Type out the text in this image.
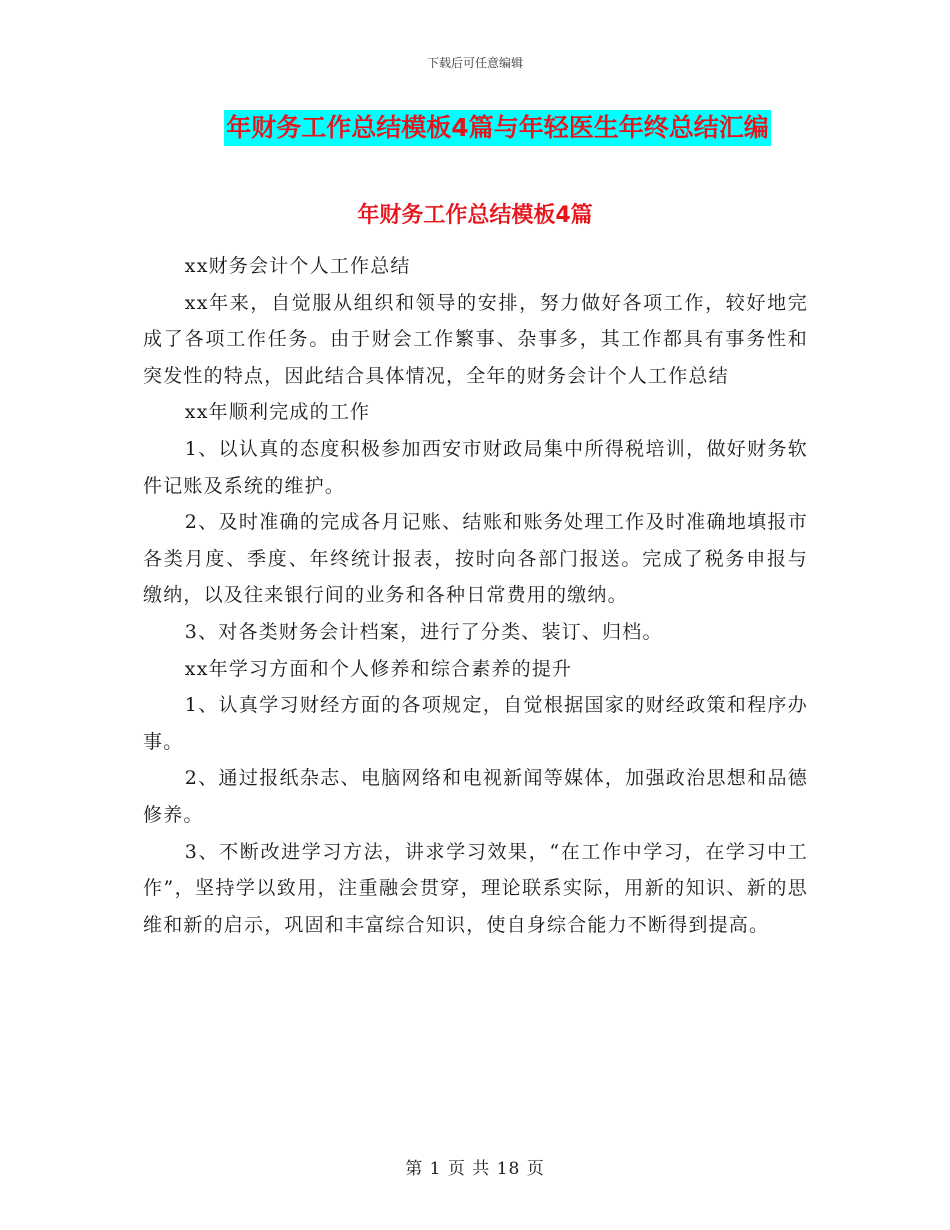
下载后可任意编辑
年财务工作总结模板4篇与年轻医生年终总结汇编
年财务工作总结模板4篇

xx财务会计个人工作总结

xx年来，自觉服从组织和领导的安排，努力做好各项工作，较好地完成了各项工作任务。由于财会工作繁事、杂事多，其工作都具有事务性和突发性的特点，因此结合具体情况，全年的财务会计个人工作总结

xx年顺利完成的工作

1、以认真的态度积极参加西安市财政局集中所得税培训，做好财务软件记账及系统的维护。

2、及时准确的完成各月记账、结账和账务处理工作及时准确地填报市各类月度、季度、年终统计报表，按时向各部门报送。完成了税务申报与缴纳，以及往来银行间的业务和各种日常费用的缴纳。

3、对各类财务会计档案，进行了分类、装订、归档。

xx年学习方面和个人修养和综合素养的提升

1、认真学习财经方面的各项规定，自觉根据国家的财经政策和程序办事。

2、通过报纸杂志、电脑网络和电视新闻等媒体，加强政治思想和品德修养。

3、不断改进学习方法，讲求学习效果，“在工作中学习，在学习中工作”，坚持学以致用，注重融会贯穿，理论联系实际，用新的知识、新的思维和新的启示，巩固和丰富综合知识，使自身综合能力不断得到提高。

第 1 页 共 18 页
